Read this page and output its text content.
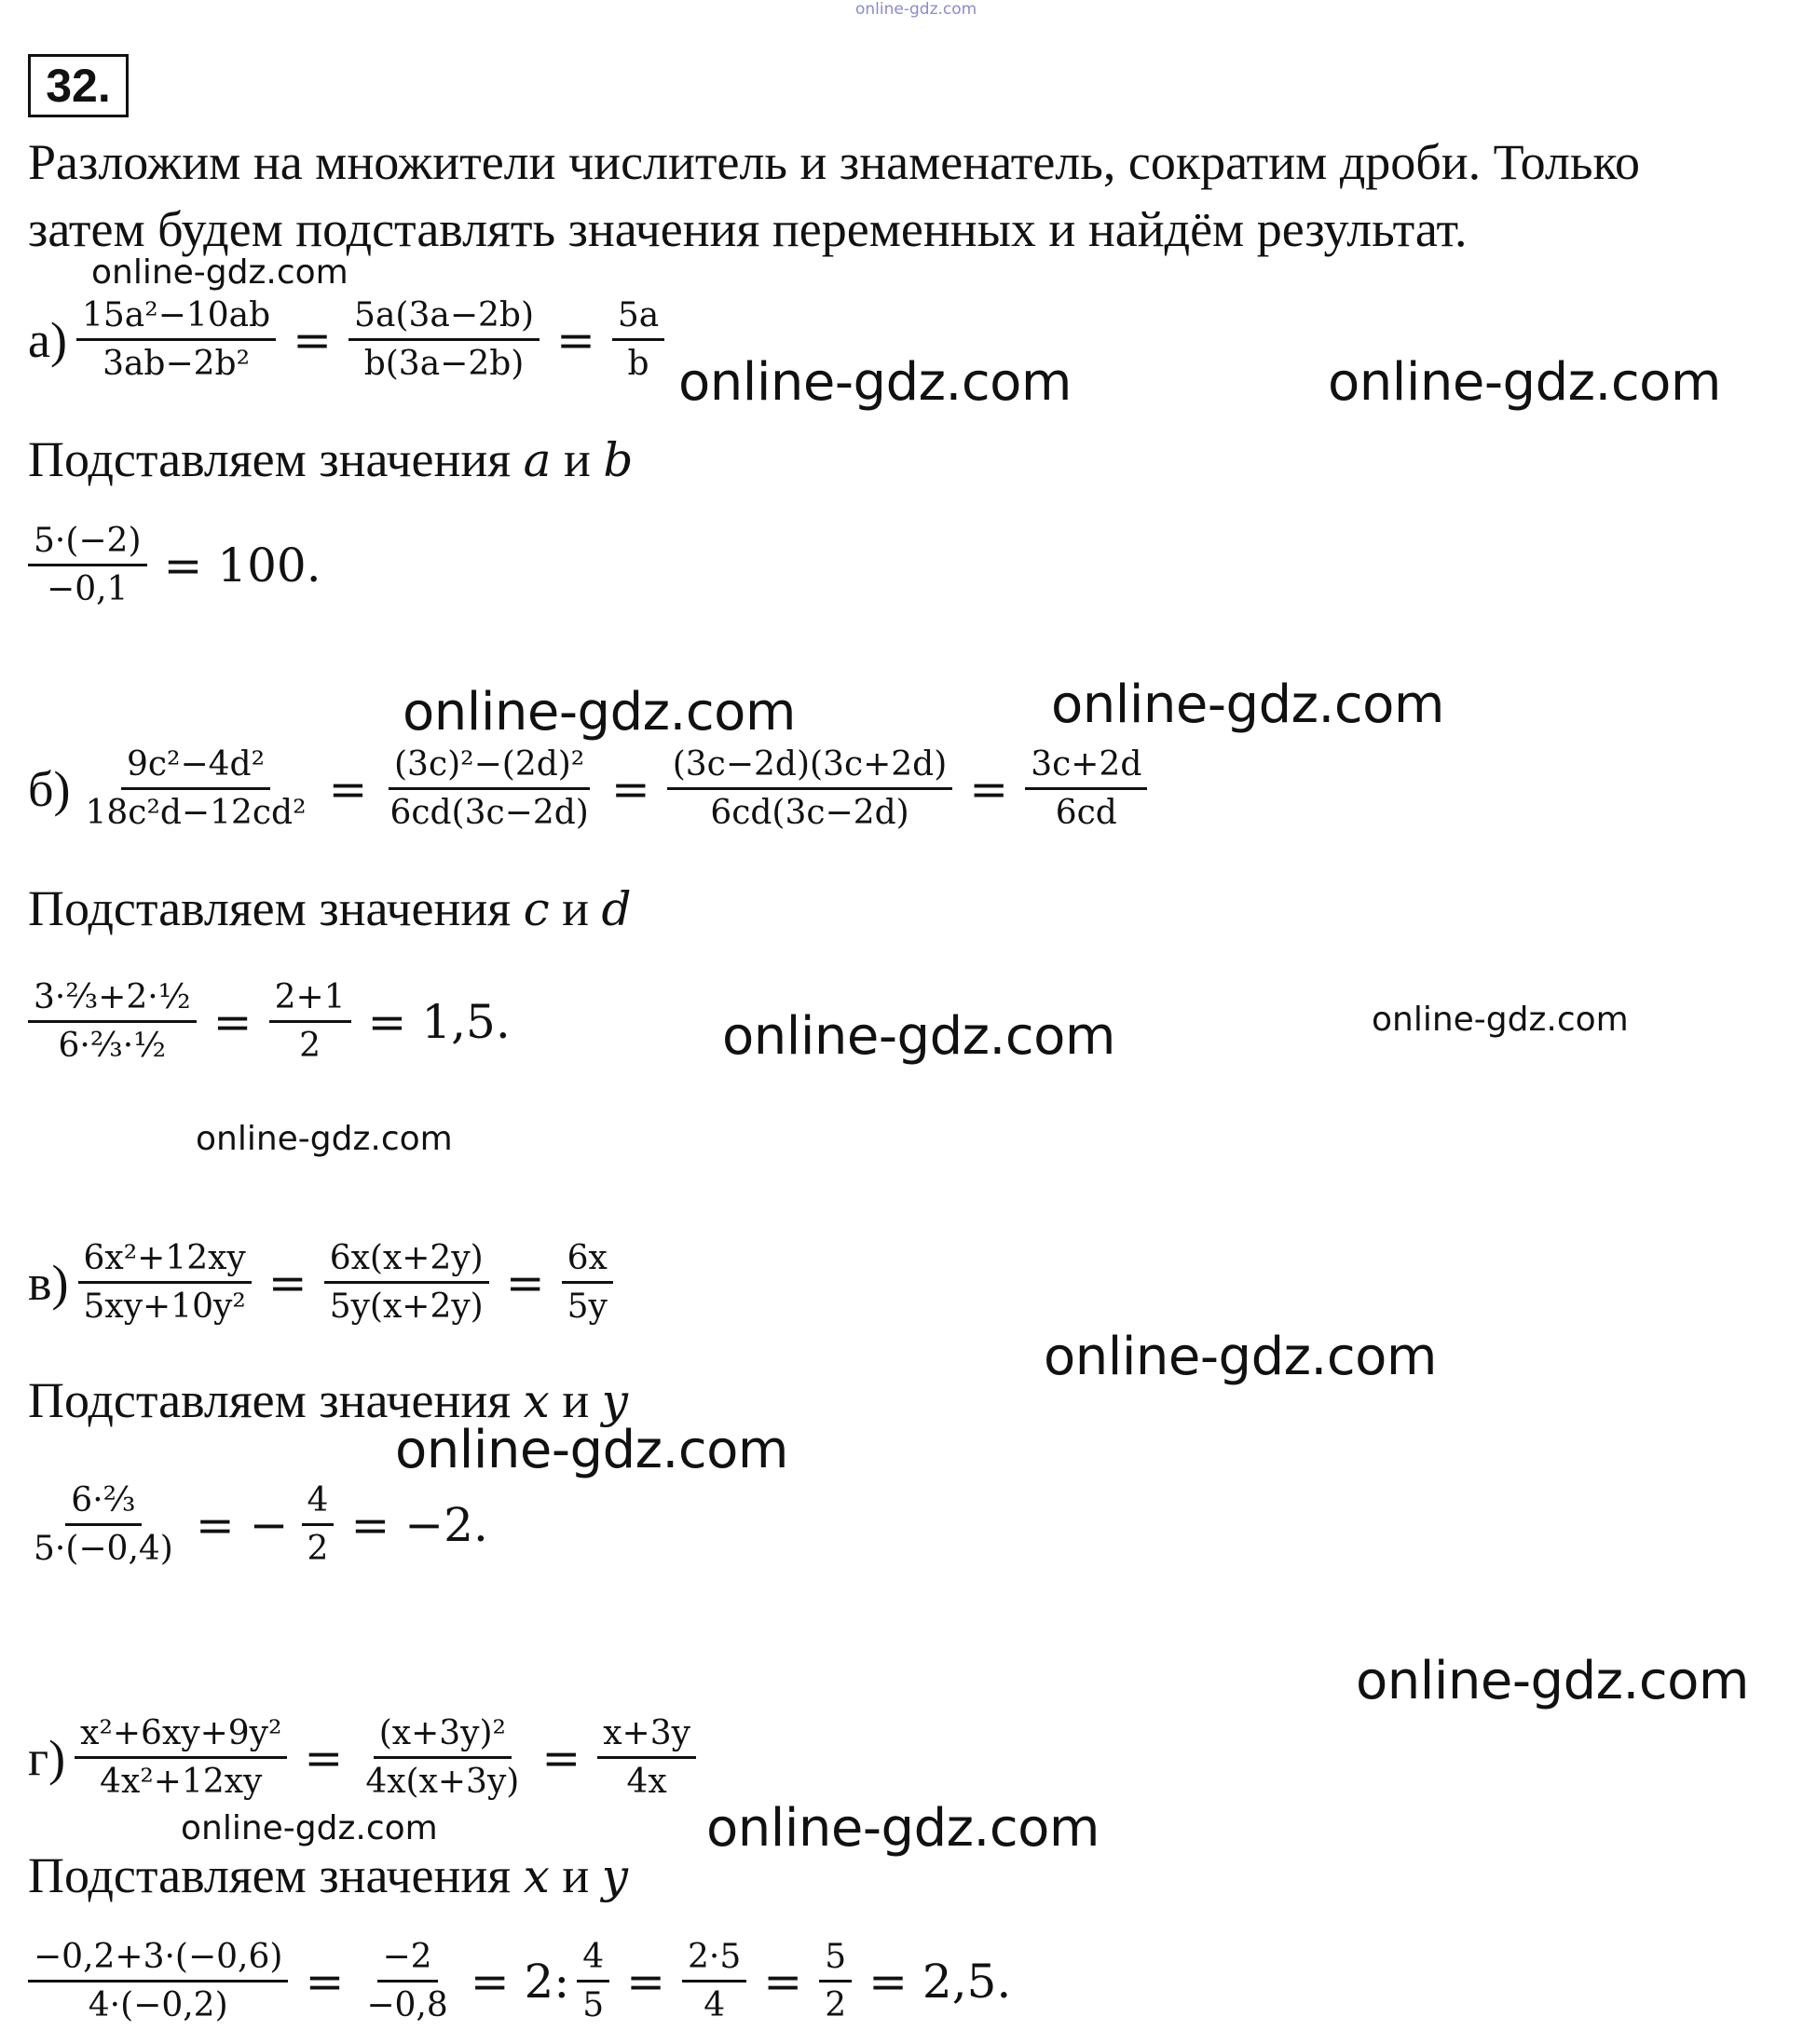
online-gdz.com
32.
Разложим на множители числитель и знаменатель, сократим дроби. Только
затем будем подставлять значения переменных и найдём результат.
online-gdz.com
$а) \frac{\text{15a²−10ab}}{\text{3ab−2b²}} = \frac{5a(3a-2b)}{b(3a-2b)} = \frac{5a}{b}$ online-gdz.com	online-gdz.com
Подставляем значения a и b
$\frac{5\cdot(-2)}{-0,1} = 100$.
online-gdz.com	online-gdz.com
$б) \frac{\text{9c²−4d²}}{\text{18c²d−12cd²}} = \frac{\text{(3c)²−(2d)²}}{6cd(3c-2d)} = \frac{(3c-2d)(3c+2d)}{6cd(3c-2d)} = \frac{3c+2d}{6cd}$
Подставляем значения c и d
$\frac{\text{3·⅔+2·½}}{\text{6·⅔·½}} = \frac{2+1}{2} = 1,5$.	online-gdz.com	online-gdz.com
online-gdz.com
$в) \frac{\text{6x²+12xy}}{\text{5xy+10y²}} = \frac{6x(x+2y)}{5y(x+2y)} = \frac{6x}{5y}$
online-gdz.com
Подставляем значения x и y
online-gdz.com
$\frac{\text{6·⅔}}{5\cdot(-0,4)}$ = − $\frac{4}{2} = -2$.
online-gdz.com
$г) \frac{\text{x²+6xy+9y²}}{\text{4x²+12xy}} = \frac{\text{(x+3y)²}}{4x(x+3y)} = \frac{x+3y}{4x}$
online-gdz.com	online-gdz.com
Подставляем значения x и y
$\frac{-0,2+3\cdot(-0,6)}{4\cdot(-0,2)} = \frac{-2}{-0,8} = 2$: $\frac{4}{5} = \frac{2\cdot 5}{4} = \frac{5}{2} = 2,5$.
